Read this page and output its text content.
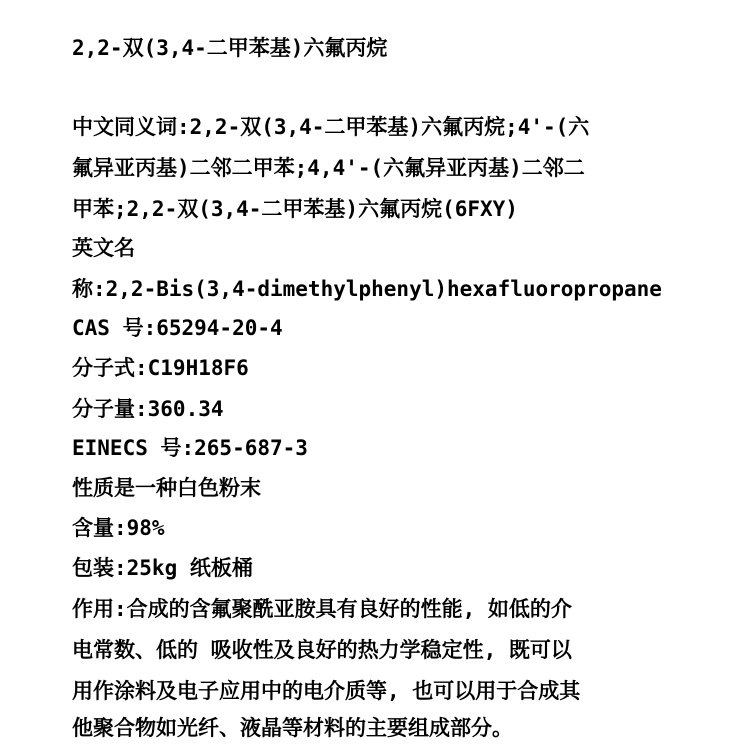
2,2-双(3,4-二甲苯基)六氟丙烷
中文同义词:2,2-双(3,4-二甲苯基)六氟丙烷;4'-(六
氟异亚丙基)二邻二甲苯;4,4'-(六氟异亚丙基)二邻二
甲苯;2,2-双(3,4-二甲苯基)六氟丙烷(6FXY)
英文名
称:2,2-Bis(3,4-dimethylphenyl)hexafluoropropane
CAS 号:65294-20-4
分子式:C19H18F6
分子量:360.34
EINECS 号:265-687-3
性质是一种白色粉末
含量:98%
包装:25kg 纸板桶
作用:合成的含氟聚酰亚胺具有良好的性能, 如低的介
电常数、低的 吸收性及良好的热力学稳定性, 既可以
用作涂料及电子应用中的电介质等, 也可以用于合成其
他聚合物如光纤、液晶等材料的主要组成部分。
